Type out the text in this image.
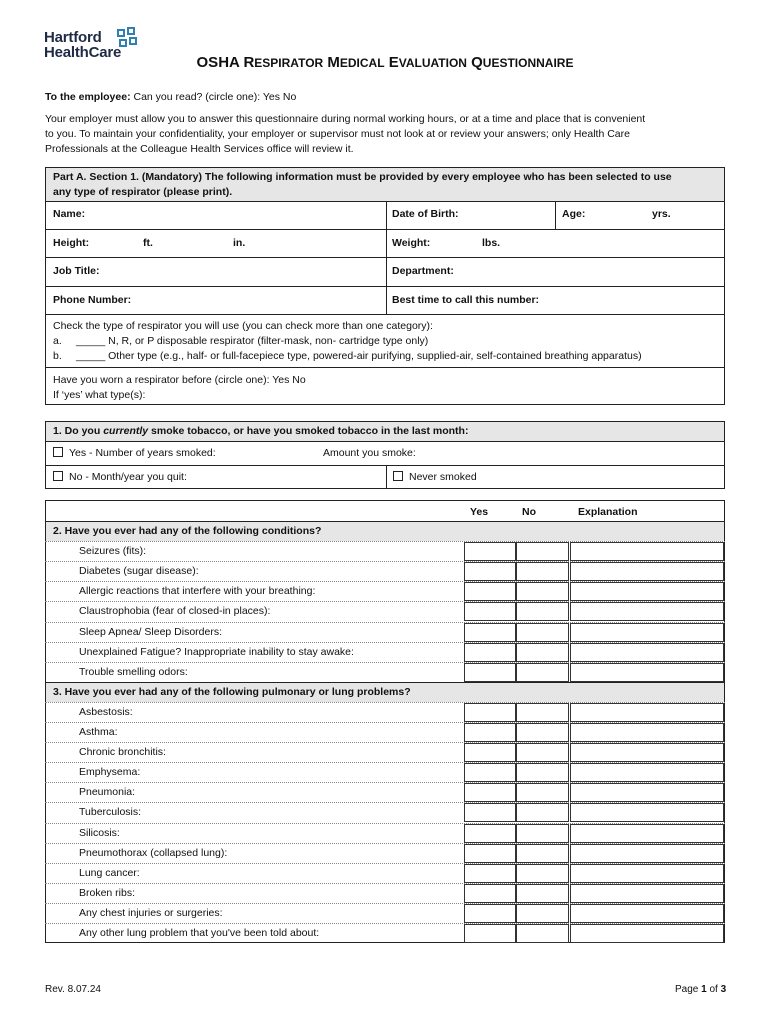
Hartford
HealthCare
OSHA RESPIRATOR MEDICAL EVALUATION QUESTIONNAIRE
To the employee: Can you read? (circle one): Yes No
Your employer must allow you to answer this questionnaire during normal working hours, or at a time and place that is convenient
to you. To maintain your confidentiality, your employer or supervisor must not look at or review your answers; only Health Care
Professionals at the Colleague Health Services office will review it.
Part A. Section 1. (Mandatory) The following information must be provided by every employee who has been selected to use
any type of respirator (please print).
Name:	Date of Birth:	Age:	yrs.
Height:	ft.	in.	Weight:	lbs.
Job Title:	Department:
Phone Number:	Best time to call this number:
Check the type of respirator you will use (you can check more than one category):
a. _____ N, R, or P disposable respirator (filter-mask, non- cartridge type only)
b. _____ Other type (e.g., half- or full-facepiece type, powered-air purifying, supplied-air, self-contained breathing apparatus)
Have you worn a respirator before (circle one): Yes No
If ‘yes’ what type(s):
1. Do you currently smoke tobacco, or have you smoked tobacco in the last month:
Yes - Number of years smoked:	Amount you smoke:
No - Month/year you quit:	Never smoked
Yes	No	Explanation
2. Have you ever had any of the following conditions?
Seizures (fits):
Diabetes (sugar disease):
Allergic reactions that interfere with your breathing:
Claustrophobia (fear of closed-in places):
Sleep Apnea/ Sleep Disorders:
Unexplained Fatigue? Inappropriate inability to stay awake:
Trouble smelling odors:
3. Have you ever had any of the following pulmonary or lung problems?
Asbestosis:
Asthma:
Chronic bronchitis:
Emphysema:
Pneumonia:
Tuberculosis:
Silicosis:
Pneumothorax (collapsed lung):
Lung cancer:
Broken ribs:
Any chest injuries or surgeries:
Any other lung problem that you've been told about:
Rev. 8.07.24	Page 1 of 3
